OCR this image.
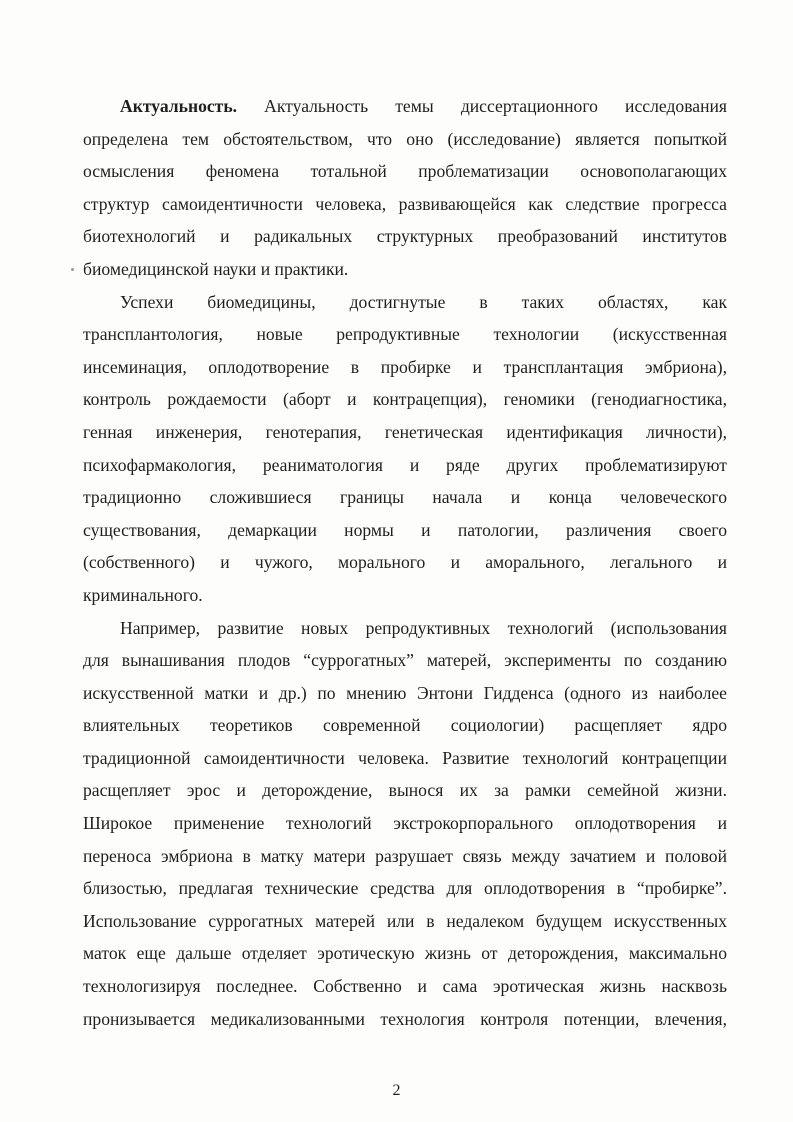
Актуальность. Актуальность темы диссертационного исследования
определена тем обстоятельством, что оно (исследование) является попыткой
осмысления феномена тотальной проблематизации основополагающих
структур самоидентичности человека, развивающейся как следствие прогресса
биотехнологий и радикальных структурных преобразований институтов
биомедицинской науки и практики.

Успехи биомедицины, достигнутые в таких областях, как
трансплантология, новые репродуктивные технологии (искусственная
инсеминация, оплодотворение в пробирке и трансплантация эмбриона),
контроль рождаемости (аборт и контрацепция), геномики (генодиагностика,
генная инженерия, генотерапия, генетическая идентификация личности),
психофармакология, реаниматология и ряде других проблематизируют
традиционно сложившиеся границы начала и конца человеческого
существования, демаркации нормы и патологии, различения своего
(собственного) и чужого, морального и аморального, легального и
криминального.

Например, развитие новых репродуктивных технологий (использования
для вынашивания плодов “суррогатных” матерей, эксперименты по созданию
искусственной матки и др.) по мнению Энтони Гидденса (одного из наиболее
влиятельных теоретиков современной социологии) расщепляет ядро
традиционной самоидентичности человека. Развитие технологий контрацепции
расщепляет эрос и деторождение, вынося их за рамки семейной жизни.
Широкое применение технологий экстрокорпорального оплодотворения и
переноса эмбриона в матку матери разрушает связь между зачатием и половой
близостью, предлагая технические средства для оплодотворения в “пробирке”.
Использование суррогатных матерей или в недалеком будущем искусственных
маток еще дальше отделяет эротическую жизнь от деторождения, максимально
технологизируя последнее. Собственно и сама эротическая жизнь насквозь
пронизывается медикализованными технология контроля потенции, влечения,

2
